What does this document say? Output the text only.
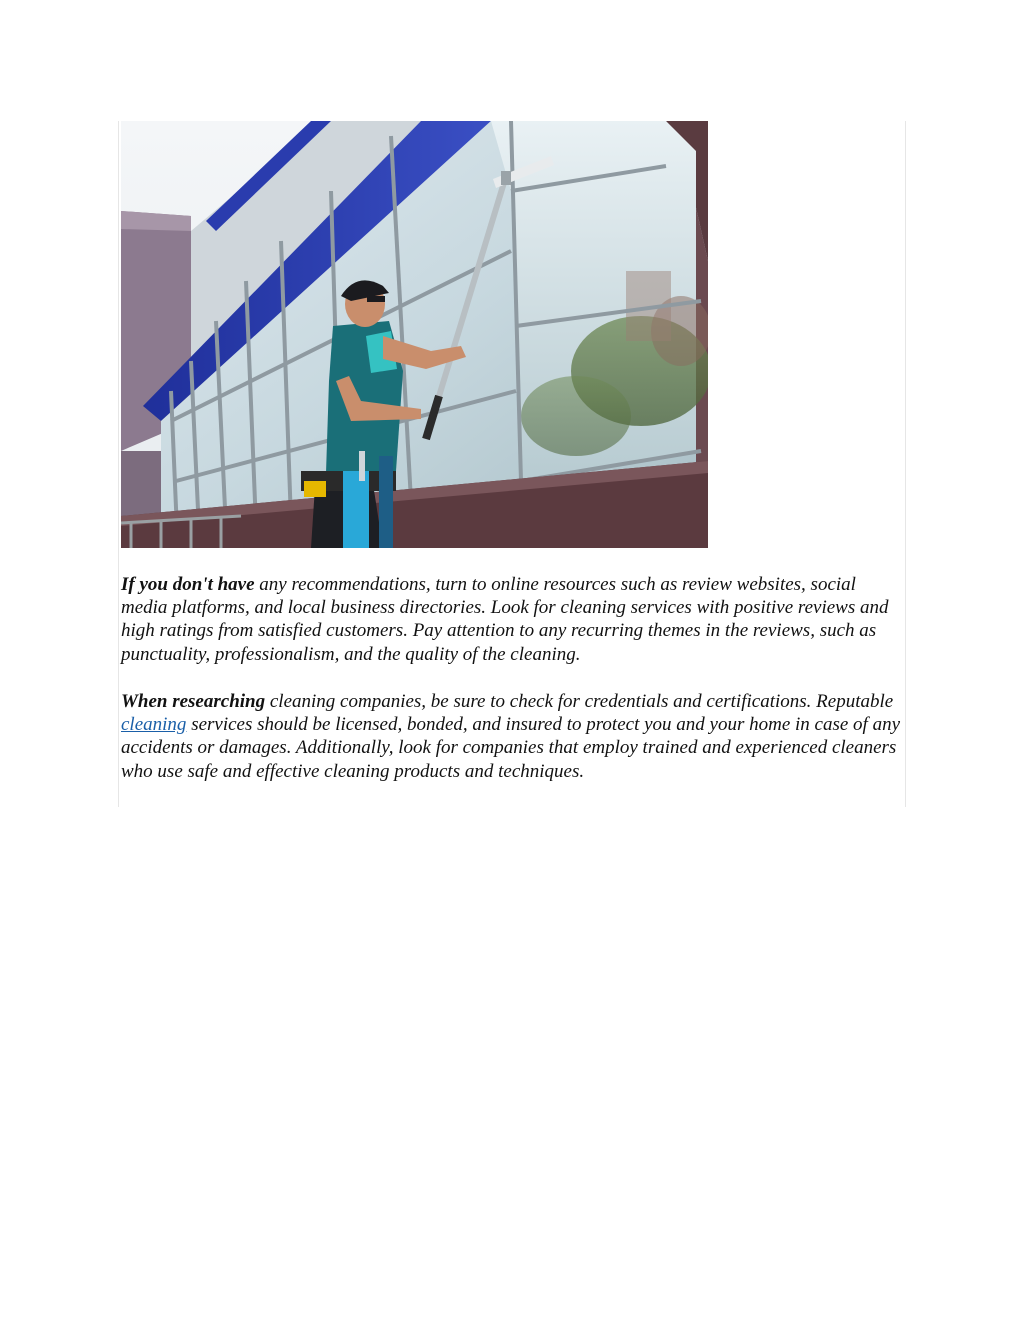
If you don't have any recommendations, turn to online resources such as review websites, social media platforms, and local business directories. Look for cleaning services with positive reviews and high ratings from satisfied customers. Pay attention to any recurring themes in the reviews, such as punctuality, professionalism, and the quality of the cleaning.

When researching cleaning companies, be sure to check for credentials and certifications. Reputable cleaning services should be licensed, bonded, and insured to protect you and your home in case of any accidents or damages. Additionally, look for companies that employ trained and experienced cleaners who use safe and effective cleaning products and techniques.
